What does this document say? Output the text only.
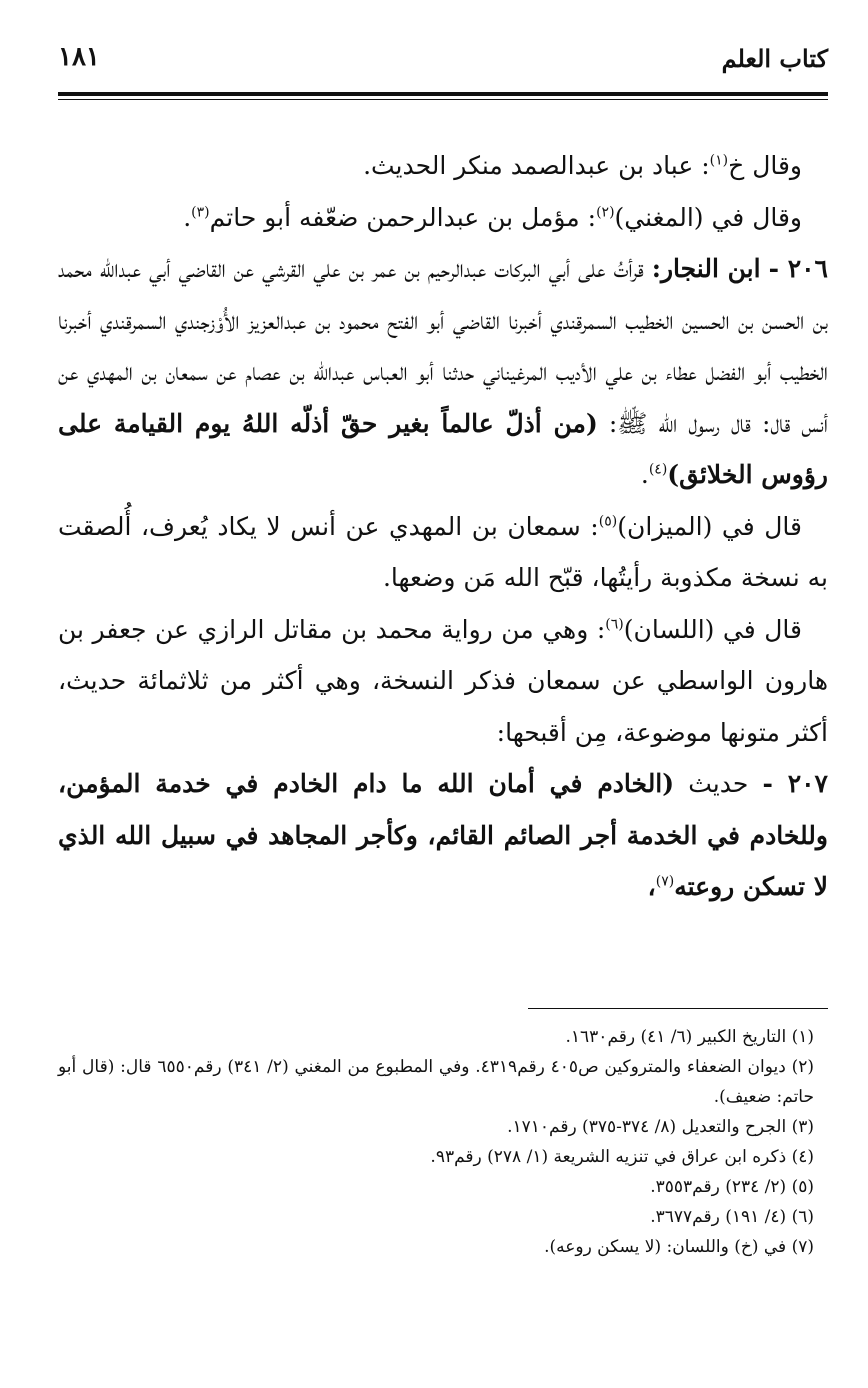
كتاب العلم
١٨١

وقال خ$^{(١)}$: عباد بن عبدالصمد منكر الحديث.

وقال في (المغني)$^{(٢)}$: مؤمل بن عبدالرحمن ضعّفه أبو حاتم$^{(٣)}$.

٢٠٦ - ابن النجار: قرأتُ على أبي البركات عبدالرحيم بن عمر بن علي القرشي عن القاضي أبي عبدالله محمد بن الحسن بن الحسين الخطيب السمرقندي أخبرنا القاضي أبو الفتح محمود بن عبدالعزيز الأُوْزجندي السمرقندي أخبرنا الخطيب أبو الفضل عطاء بن علي الأديب المرغيناني حدثنا أبو العباس عبدالله بن عصام عن سمعان بن المهدي عن أنس قال: قال رسول الله ﷺ: (من أذلّ عالماً بغير حقّ أذلّه اللهُ يوم القيامة على رؤوس الخلائق)$^{(٤)}$.

قال في (الميزان)$^{(٥)}$: سمعان بن المهدي عن أنس لا يكاد يُعرف، أُلصقت به نسخة مكذوبة رأيتُها، قبّح الله مَن وضعها.

قال في (اللسان)$^{(٦)}$: وهي من رواية محمد بن مقاتل الرازي عن جعفر بن هارون الواسطي عن سمعان فذكر النسخة، وهي أكثر من ثلاثمائة حديث، أكثر متونها موضوعة، مِن أقبحها:

٢٠٧ - حديث (الخادم في أمان الله ما دام الخادم في خدمة المؤمن، وللخادم في الخدمة أجر الصائم القائم، وكأجر المجاهد في سبيل الله الذي لا تسكن روعته$^{(٧)}$،

(١) التاريخ الكبير (٦/ ٤١) رقم١٦٣٠.

(٢) ديوان الضعفاء والمتروكين ص٤٠٥ رقم٤٣١٩. وفي المطبوع من المغني (٢/ ٣٤١) رقم٦٥٥٠ قال: (قال أبو حاتم: ضعيف).

(٣) الجرح والتعديل (٨/ ٣٧٤-٣٧٥) رقم١٧١٠.

(٤) ذكره ابن عراق في تنزيه الشريعة (١/ ٢٧٨) رقم٩٣.

(٥) (٢/ ٢٣٤) رقم٣٥٥٣.

(٦) (٤/ ١٩١) رقم٣٦٧٧.

(٧) في (خ) واللسان: (لا يسكن روعه).
